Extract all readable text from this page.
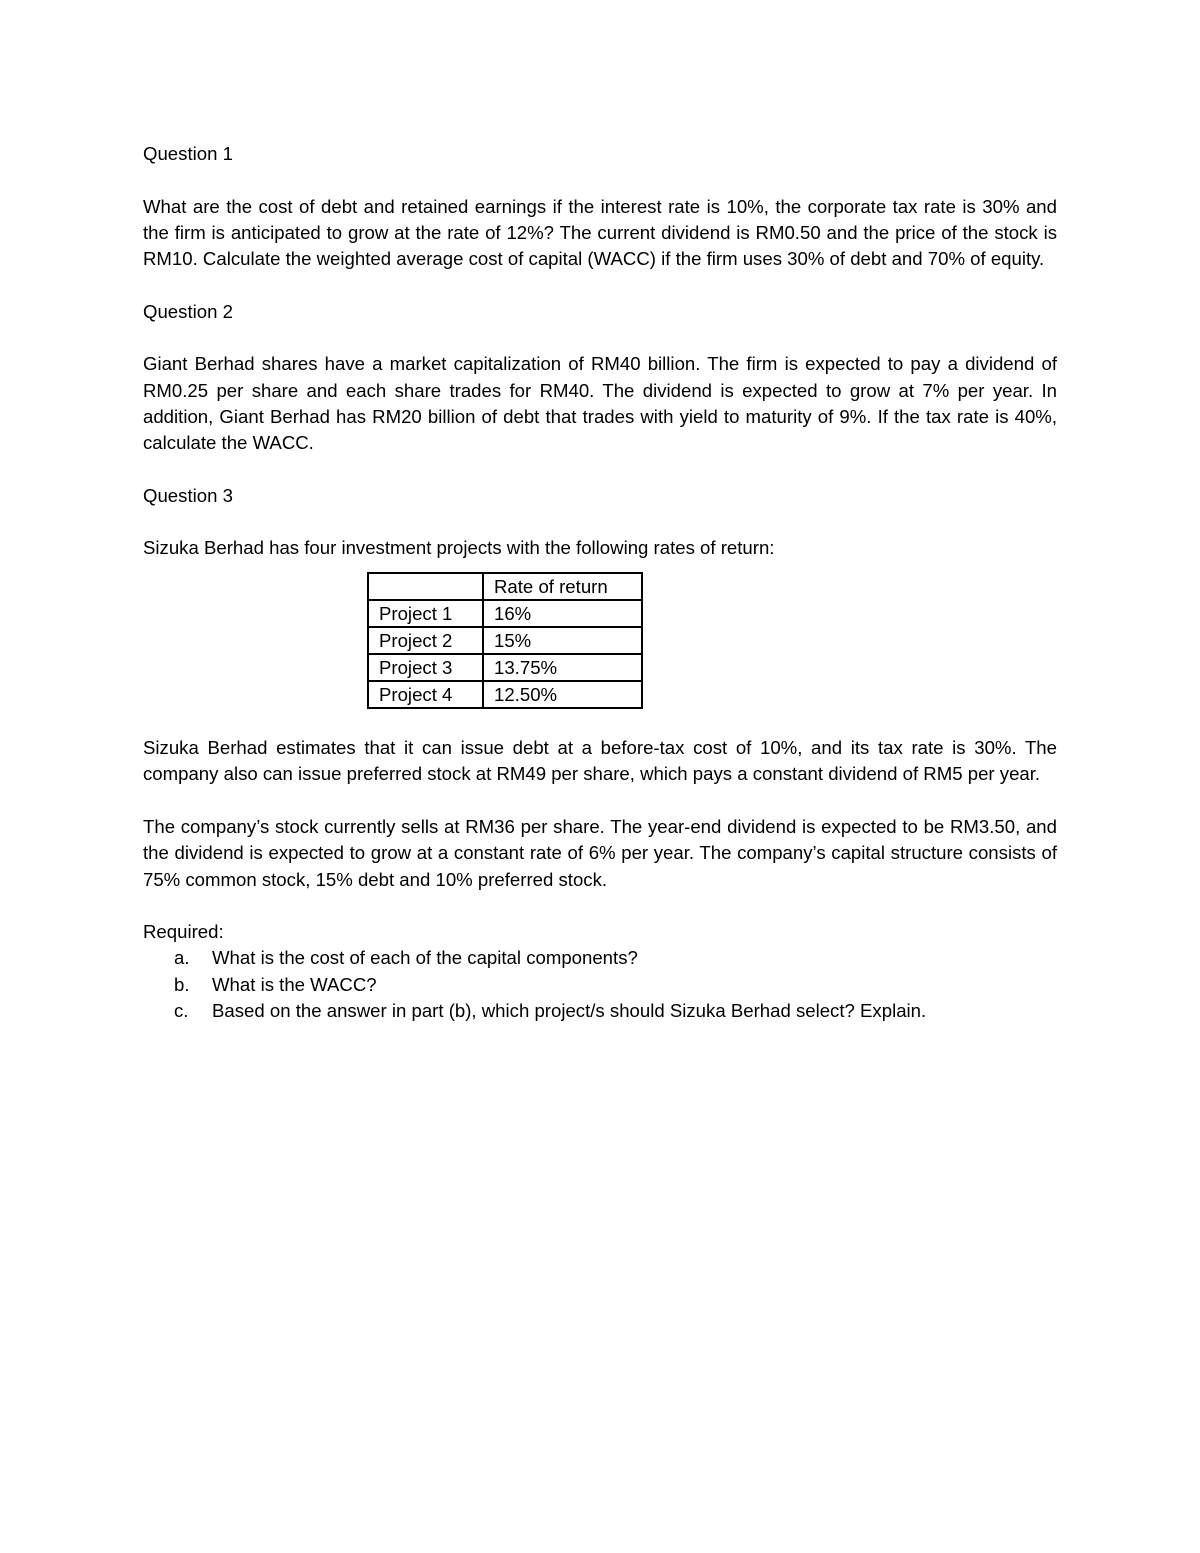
Question 1

What are the cost of debt and retained earnings if the interest rate is 10%, the corporate tax rate is 30% and the firm is anticipated to grow at the rate of 12%? The current dividend is RM0.50 and the price of the stock is RM10. Calculate the weighted average cost of capital (WACC) if the firm uses 30% of debt and 70% of equity.

Question 2

Giant Berhad shares have a market capitalization of RM40 billion. The firm is expected to pay a dividend of RM0.25 per share and each share trades for RM40. The dividend is expected to grow at 7% per year. In addition, Giant Berhad has RM20 billion of debt that trades with yield to maturity of 9%. If the tax rate is 40%, calculate the WACC.

Question 3

Sizuka Berhad has four investment projects with the following rates of return:

	Rate of return
Project 1	16%
Project 2	15%
Project 3	13.75%
Project 4	12.50%

Sizuka Berhad estimates that it can issue debt at a before-tax cost of 10%, and its tax rate is 30%. The company also can issue preferred stock at RM49 per share, which pays a constant dividend of RM5 per year.

The company’s stock currently sells at RM36 per share. The year-end dividend is expected to be RM3.50, and the dividend is expected to grow at a constant rate of 6% per year. The company’s capital structure consists of 75% common stock, 15% debt and 10% preferred stock.

Required:

a. What is the cost of each of the capital components?
b. What is the WACC?
c. Based on the answer in part (b), which project/s should Sizuka Berhad select? Explain.
